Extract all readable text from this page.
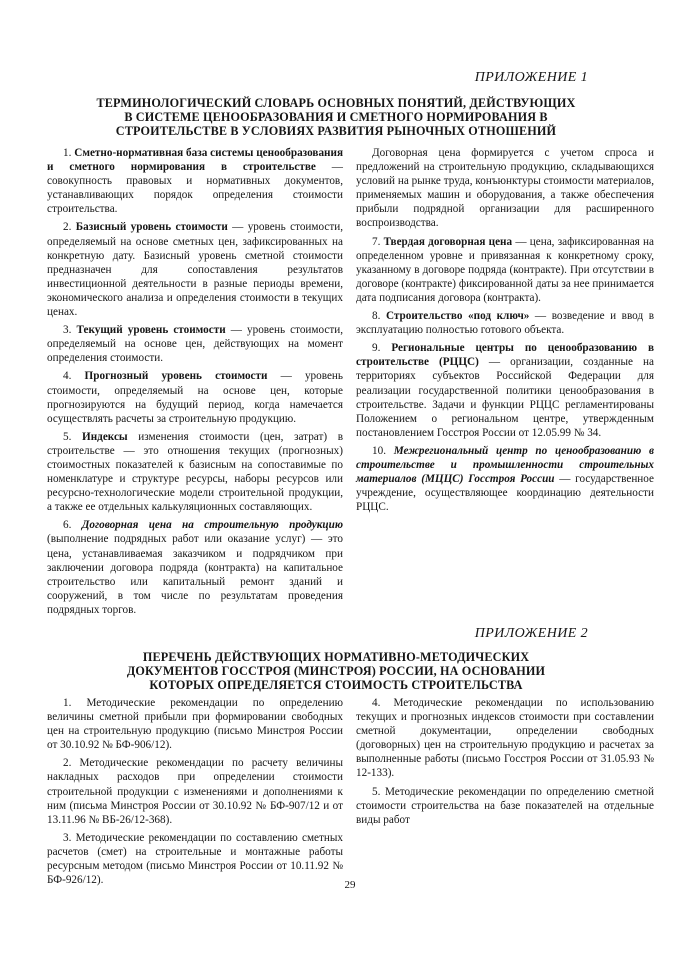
ПРИЛОЖЕНИЕ 1
ТЕРМИНОЛОГИЧЕСКИЙ СЛОВАРЬ ОСНОВНЫХ ПОНЯТИЙ, ДЕЙСТВУЮЩИХ В СИСТЕМЕ ЦЕНООБРАЗОВАНИЯ И СМЕТНОГО НОРМИРОВАНИЯ В СТРОИТЕЛЬСТВЕ В УСЛОВИЯХ РАЗВИТИЯ РЫНОЧНЫХ ОТНОШЕНИЙ

1. Сметно-нормативная база системы ценообразования и сметного нормирования в строительстве — совокупность правовых и нормативных документов, устанавливающих порядок определения стоимости строительства.

2. Базисный уровень стоимости — уровень стоимости, определяемый на основе сметных цен, зафиксированных на конкретную дату. Базисный уровень сметной стоимости предназначен для сопоставления результатов инвестиционной деятельности в разные периоды времени, экономического анализа и определения стоимости в текущих ценах.

3. Текущий уровень стоимости — уровень стоимости, определяемый на основе цен, действующих на момент определения стоимости.

4. Прогнозный уровень стоимости — уровень стоимости, определяемый на основе цен, которые прогнозируются на будущий период, когда намечается осуществлять расчеты за строительную продукцию.

5. Индексы изменения стоимости (цен, затрат) в строительстве — это отношения текущих (прогнозных) стоимостных показателей к базисным на сопоставимые по номенклатуре и структуре ресурсы, наборы ресурсов или ресурсно-технологические модели строительной продукции, а также ее отдельных калькуляционных составляющих.

6. Договорная цена на строительную продукцию (выполнение подрядных работ или оказание услуг) — это цена, устанавливаемая заказчиком и подрядчиком при заключении договора подряда (контракта) на капитальное строительство или капитальный ремонт зданий и сооружений, в том числе по результатам проведения подрядных торгов.

Договорная цена формируется с учетом спроса и предложений на строительную продукцию, складывающихся условий на рынке труда, конъюнктуры стоимости материалов, применяемых машин и оборудования, а также обеспечения прибыли подрядной организации для расширенного воспроизводства.

7. Твердая договорная цена — цена, зафиксированная на определенном уровне и привязанная к конкретному сроку, указанному в договоре подряда (контракте). При отсутствии в договоре (контракте) фиксированной даты за нее принимается дата подписания договора (контракта).

8. Строительство «под ключ» — возведение и ввод в эксплуатацию полностью готового объекта.

9. Региональные центры по ценообразованию в строительстве (РЦЦС) — организации, созданные на территориях субъектов Российской Федерации для реализации государственной политики ценообразования в строительстве. Задачи и функции РЦЦС регламентированы Положением о региональном центре, утвержденным постановлением Госстроя России от 12.05.99 № 34.

10. Межрегиональный центр по ценообразованию в строительстве и промышленности строительных материалов (МЦЦС) Госстроя России — государственное учреждение, осуществляющее координацию деятельности РЦЦС.

ПРИЛОЖЕНИЕ 2
ПЕРЕЧЕНЬ ДЕЙСТВУЮЩИХ НОРМАТИВНО-МЕТОДИЧЕСКИХ ДОКУМЕНТОВ ГОССТРОЯ (МИНСТРОЯ) РОССИИ, НА ОСНОВАНИИ КОТОРЫХ ОПРЕДЕЛЯЕТСЯ СТОИМОСТЬ СТРОИТЕЛЬСТВА

1. Методические рекомендации по определению величины сметной прибыли при формировании свободных цен на строительную продукцию (письмо Минстроя России от 30.10.92 № БФ-906/12).

2. Методические рекомендации по расчету величины накладных расходов при определении стоимости строительной продукции с изменениями и дополнениями к ним (письма Минстроя России от 30.10.92 № БФ-907/12 и от 13.11.96 № ВБ-26/12-368).

3. Методические рекомендации по составлению сметных расчетов (смет) на строительные и монтажные работы ресурсным методом (письмо Минстроя России от 10.11.92 № БФ-926/12).

4. Методические рекомендации по использованию текущих и прогнозных индексов стоимости при составлении сметной документации, определении свободных (договорных) цен на строительную продукцию и расчетах за выполненные работы (письмо Госстроя России от 31.05.93 № 12-133).

5. Методические рекомендации по определению сметной стоимости строительства на базе показателей на отдельные виды работ

29
